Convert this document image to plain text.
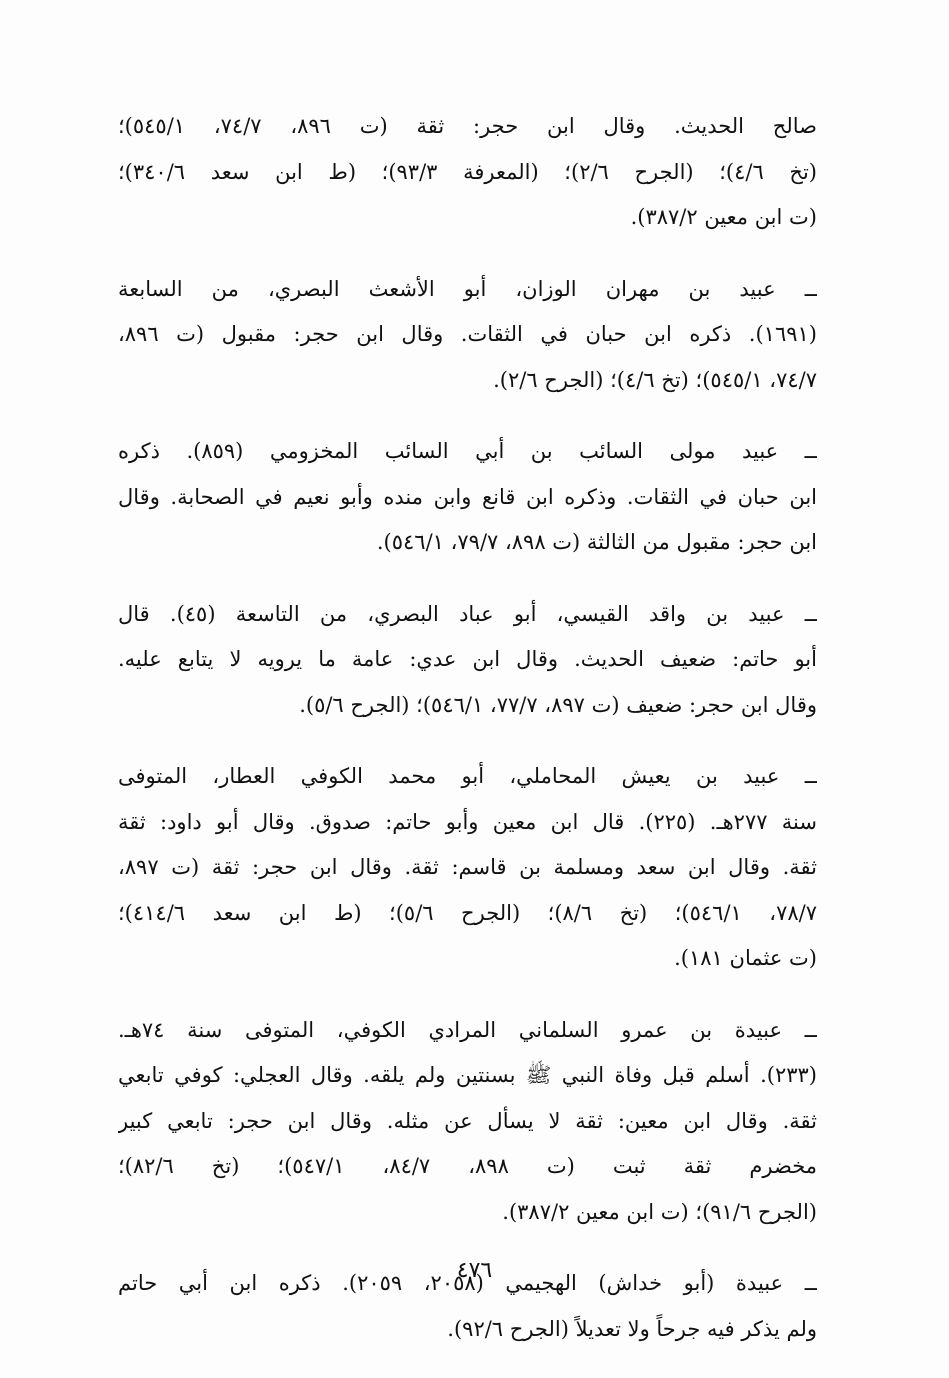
صالح الحديث. وقال ابن حجر: ثقة (ت ٨٩٦، ٧٤/٧، ٥٤٥/١)؛
(تخ ٤/٦)؛ (الجرح ٢/٦)؛ (المعرفة ٩٣/٣)؛ (ط ابن سعد ٣٤٠/٦)؛
(ت ابن معين ٣٨٧/٢).
ــ عبيد بن مهران الوزان، أبو الأشعث البصري، من السابعة
(١٦٩١). ذكره ابن حبان في الثقات. وقال ابن حجر: مقبول (ت ٨٩٦،
٧٤/٧، ٥٤٥/١)؛ (تخ ٤/٦)؛ (الجرح ٢/٦).
ــ عبيد مولى السائب بن أبي السائب المخزومي (٨٥٩). ذكره
ابن حبان في الثقات. وذكره ابن قانع وابن منده وأبو نعيم في الصحابة. وقال
ابن حجر: مقبول من الثالثة (ت ٨٩٨، ٧٩/٧، ٥٤٦/١).
ــ عبيد بن واقد القيسي، أبو عباد البصري، من التاسعة (٤٥). قال
أبو حاتم: ضعيف الحديث. وقال ابن عدي: عامة ما يرويه لا يتابع عليه.
وقال ابن حجر: ضعيف (ت ٨٩٧، ٧٧/٧، ٥٤٦/١)؛ (الجرح ٥/٦).
ــ عبيد بن يعيش المحاملي، أبو محمد الكوفي العطار، المتوفى
سنة ٢٧٧هـ. (٢٢٥). قال ابن معين وأبو حاتم: صدوق. وقال أبو داود: ثقة
ثقة. وقال ابن سعد ومسلمة بن قاسم: ثقة. وقال ابن حجر: ثقة (ت ٨٩٧،
٧٨/٧، ٥٤٦/١)؛ (تخ ٨/٦)؛ (الجرح ٥/٦)؛ (ط ابن سعد ٤١٤/٦)؛
(ت عثمان ١٨١).
ــ عبيدة بن عمرو السلماني المرادي الكوفي، المتوفى سنة ٧٤هـ.
(٢٣٣). أسلم قبل وفاة النبي ﷺ بسنتين ولم يلقه. وقال العجلي: كوفي تابعي
ثقة. وقال ابن معين: ثقة لا يسأل عن مثله. وقال ابن حجر: تابعي كبير
مخضرم ثقة ثبت (ت ٨٩٨، ٨٤/٧، ٥٤٧/١)؛ (تخ ٨٢/٦)؛
(الجرح ٩١/٦)؛ (ت ابن معين ٣٨٧/٢).
ــ عبيدة (أبو خداش) الهجيمي (٢٠٥٨، ٢٠٥٩). ذكره ابن أبي حاتم
ولم يذكر فيه جرحاً ولا تعديلاً (الجرح ٩٢/٦).
٤٧٦
